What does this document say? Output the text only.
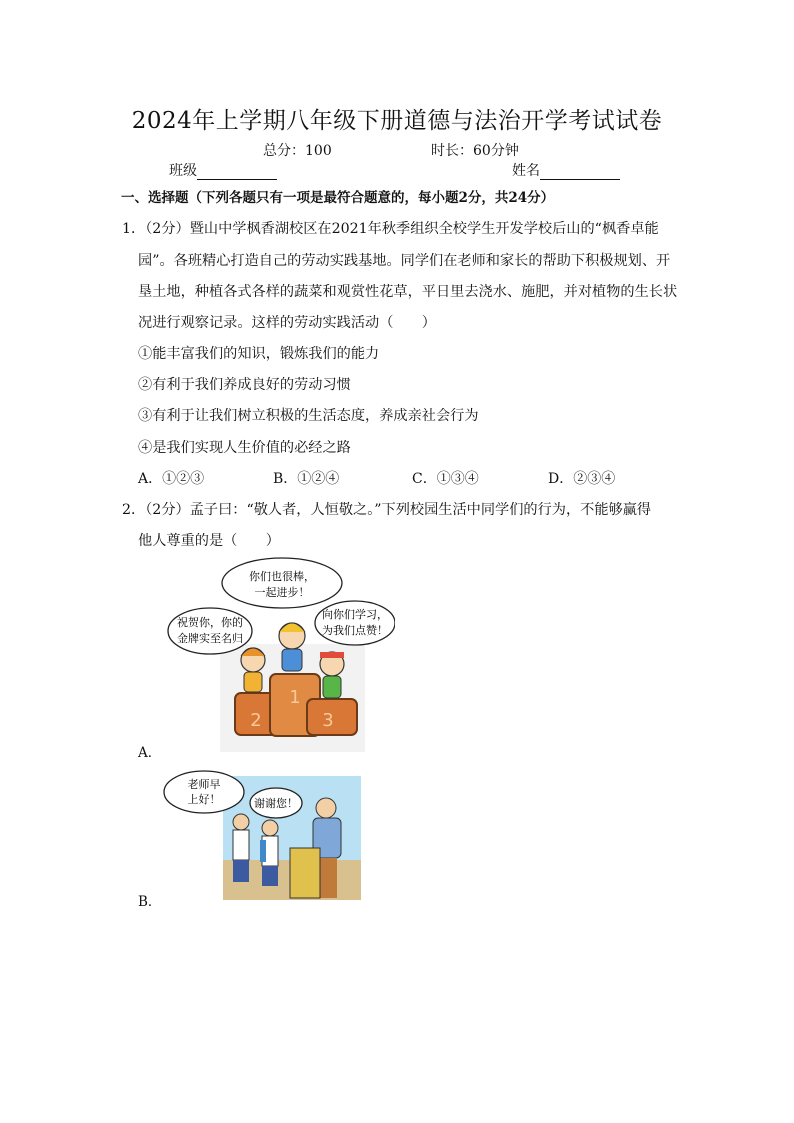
2024年上学期八年级下册道德与法治开学考试试卷
总分：100	时长：60分钟
班级	姓名
一、选择题（下列各题只有一项是最符合题意的，每小题2分，共24分）
1．（2分）暨山中学枫香湖校区在2021年秋季组织全校学生开发学校后山的“枫香卓能
园”。各班精心打造自己的劳动实践基地。同学们在老师和家长的帮助下积极规划、开
垦土地，种植各式各样的蔬菜和观赏性花草，平日里去浇水、施肥，并对植物的生长状
况进行观察记录。这样的劳动实践活动（　　）
①能丰富我们的知识，锻炼我们的能力
②有利于我们养成良好的劳动习惯
③有利于让我们树立积极的生活态度，养成亲社会行为
④是我们实现人生价值的必经之路
A．①②③	B．①②④	C．①③④	D．②③④
2．（2分）孟子曰：“敬人者，人恒敬之。”下列校园生活中同学们的行为，不能够赢得
他人尊重的是（　　）
1
2	3
你们也很棒，
一起进步！
祝贺你，你的
金牌实至名归
向你们学习，
为我们点赞！
A．
老师早
上好！	谢谢您！
B．
